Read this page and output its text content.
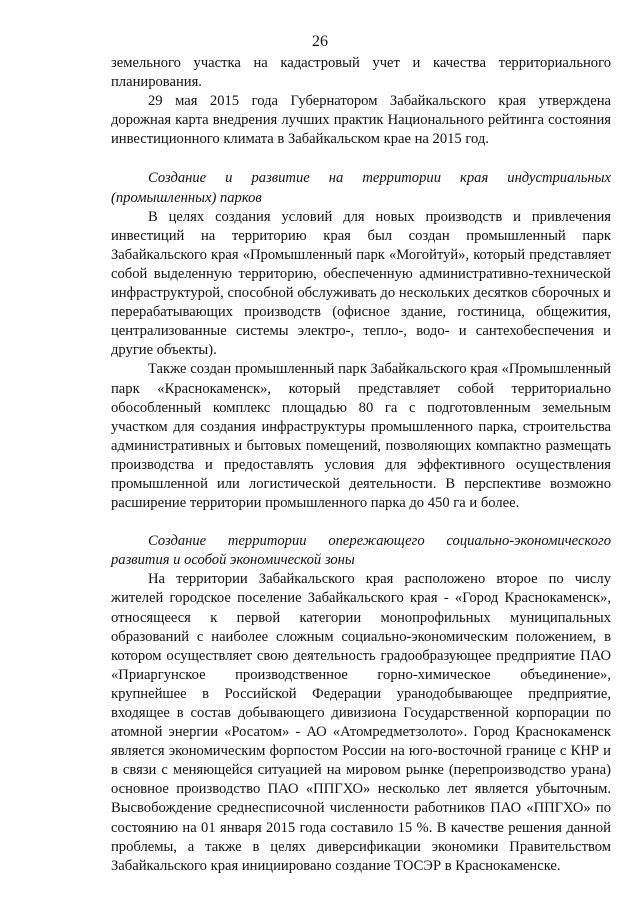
26

земельного участка на кадастровый учет и качества территориального планирования.

29 мая 2015 года Губернатором Забайкальского края утверждена дорожная карта внедрения лучших практик Национального рейтинга состояния инвестиционного климата в Забайкальском крае на 2015 год.

Создание и развитие на территории края индустриальных (промышленных) парков

В целях создания условий для новых производств и привлечения инвестиций на территорию края был создан промышленный парк Забайкальского края «Промышленный парк «Могойтуй», который представляет собой выделенную территорию, обеспеченную административно-технической инфраструктурой, способной обслуживать до нескольких десятков сборочных и перерабатывающих производств (офисное здание, гостиница, общежития, централизованные системы электро-, тепло-, водо- и сантехобеспечения и другие объекты).

Также создан промышленный парк Забайкальского края «Промышленный парк «Краснокаменск», который представляет собой территориально обособленный комплекс площадью 80 га с подготовленным земельным участком для создания инфраструктуры промышленного парка, строительства административных и бытовых помещений, позволяющих компактно размещать производства и предоставлять условия для эффективного осуществления промышленной или логистической деятельности. В перспективе возможно расширение территории промышленного парка до 450 га и более.

Создание территории опережающего социально-экономического развития и особой экономической зоны

На территории Забайкальского края расположено второе по числу жителей городское поселение Забайкальского края - «Город Краснокаменск», относящееся к первой категории монопрофильных муниципальных образований с наиболее сложным социально-экономическим положением, в котором осуществляет свою деятельность градообразующее предприятие ПАО «Приаргунское производственное горно-химическое объединение», крупнейшее в Российской Федерации уранодобывающее предприятие, входящее в состав добывающего дивизиона Государственной корпорации по атомной энергии «Росатом» - АО «Атомредметзолото». Город Краснокаменск является экономическим форпостом России на юго-восточной границе с КНР и в связи с меняющейся ситуацией на мировом рынке (перепроизводство урана) основное производство ПАО «ППГХО» несколько лет является убыточным. Высвобождение среднесписочной численности работников ПАО «ППГХО» по состоянию на 01 января 2015 года составило 15 %. В качестве решения данной проблемы, а также в целях диверсификации экономики Правительством Забайкальского края инициировано создание ТОСЭР в Краснокаменске.
